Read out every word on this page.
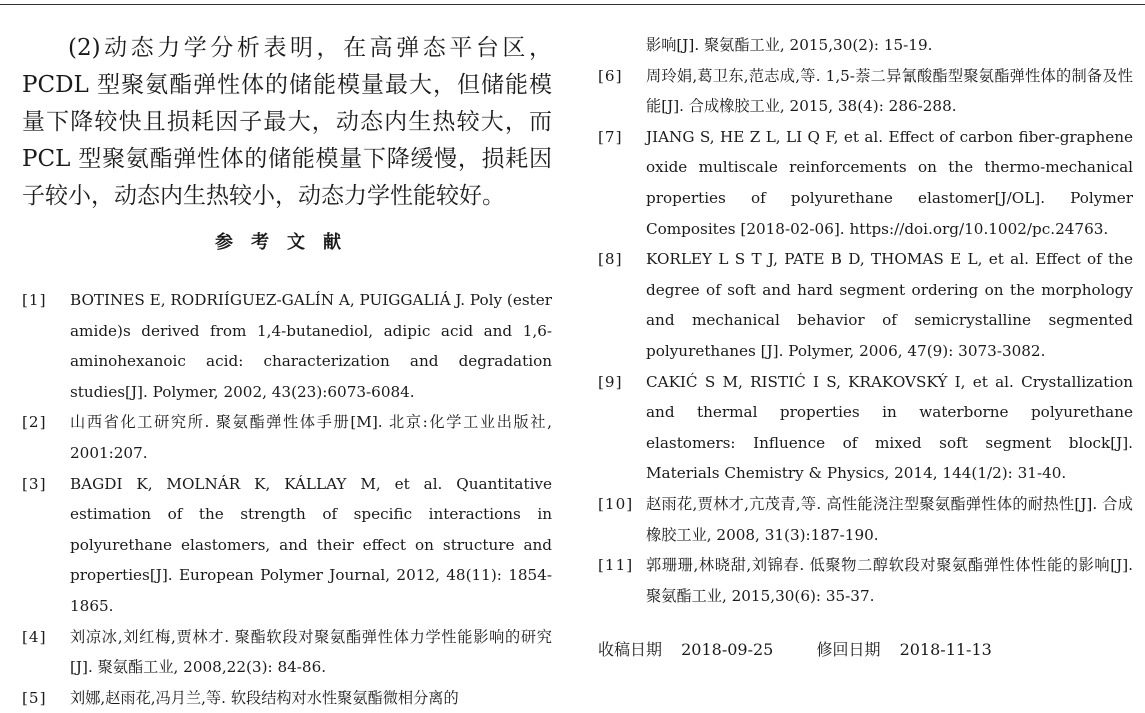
(2)动态力学分析表明，在高弹态平台区，PCDL 型聚氨酯弹性体的储能模量最大，但储能模量下降较快且损耗因子最大，动态内生热较大，而 PCL 型聚氨酯弹性体的储能模量下降缓慢，损耗因子较小，动态内生热较小，动态力学性能较好。

参考文献
[1] BOTINES E, RODRIÍGUEZ-GALÍN A, PUIGGALIÁ J. Poly (ester amide)s derived from 1,4-butanediol, adipic acid and 1,6-aminohexanoic acid: characterization and degradation studies[J]. Polymer, 2002, 43(23):6073-6084.
[2] 山西省化工研究所. 聚氨酯弹性体手册[M]. 北京:化学工业出版社, 2001:207.
[3] BAGDI K, MOLNÁR K, KÁLLAY M, et al. Quantitative estimation of the strength of specific interactions in polyurethane elastomers, and their effect on structure and properties[J]. European Polymer Journal, 2012, 48(11): 1854-1865.
[4] 刘凉冰,刘红梅,贾林才. 聚酯软段对聚氨酯弹性体力学性能影响的研究[J]. 聚氨酯工业, 2008,22(3): 84-86.
[5] 刘娜,赵雨花,冯月兰,等. 软段结构对水性聚氨酯微相分离的
影响[J]. 聚氨酯工业, 2015,30(2): 15-19.
[6] 周玲娟,葛卫东,范志成,等. 1,5-萘二异氰酸酯型聚氨酯弹性体的制备及性能[J]. 合成橡胶工业, 2015, 38(4): 286-288.
[7] JIANG S, HE Z L, LI Q F, et al. Effect of carbon fiber-graphene oxide multiscale reinforcements on the thermo-mechanical properties of polyurethane elastomer[J/OL]. Polymer Composites [2018-02-06]. https://doi.org/10.1002/pc.24763.
[8] KORLEY L S T J, PATE B D, THOMAS E L, et al. Effect of the degree of soft and hard segment ordering on the morphology and mechanical behavior of semicrystalline segmented polyurethanes [J]. Polymer, 2006, 47(9): 3073-3082.
[9] CAKIĆ S M, RISTIĆ I S, KRAKOVSKÝ I, et al. Crystallization and thermal properties in waterborne polyurethane elastomers: Influence of mixed soft segment block[J]. Materials Chemistry & Physics, 2014, 144(1/2): 31-40.
[10] 赵雨花,贾林才,亢茂青,等. 高性能浇注型聚氨酯弹性体的耐热性[J]. 合成橡胶工业, 2008, 31(3):187-190.
[11] 郭珊珊,林晓甜,刘锦春. 低聚物二醇软段对聚氨酯弹性体性能的影响[J]. 聚氨酯工业, 2015,30(6): 35-37.
收稿日期 2018-09-25	修回日期 2018-11-13
